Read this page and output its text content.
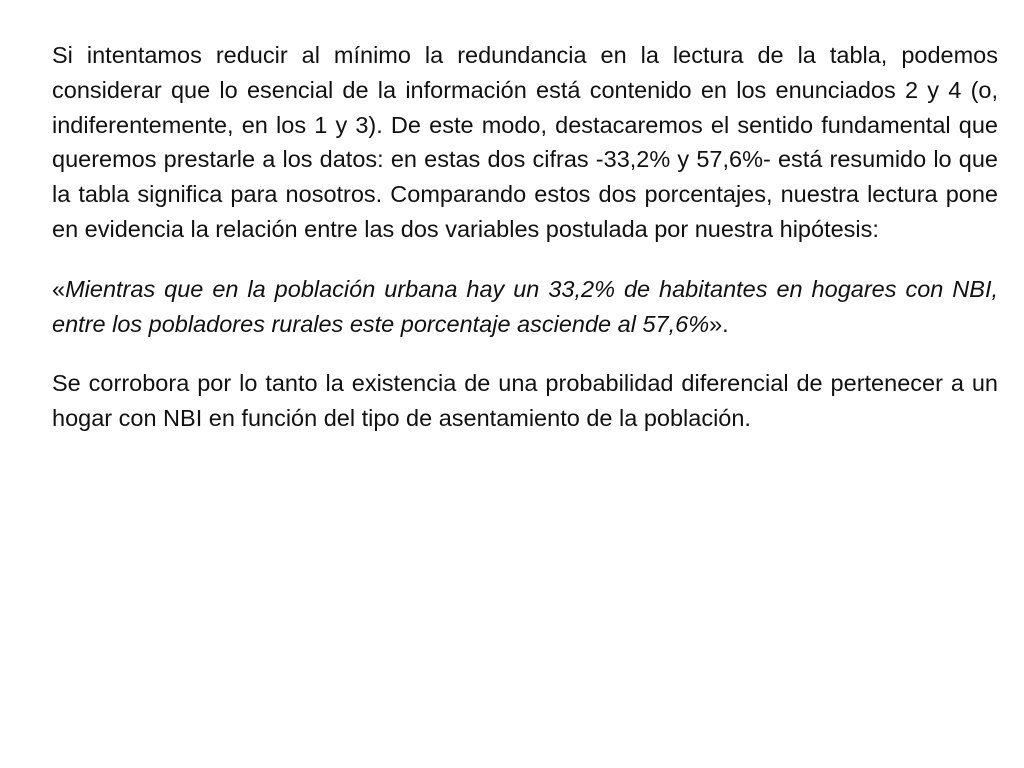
Si intentamos reducir al mínimo la redundancia en la lectura de la tabla, podemos considerar que lo esencial de la información está contenido en los enunciados 2 y 4 (o, indiferentemente, en los 1 y 3). De este modo, destacaremos el sentido fundamental que queremos prestarle a los datos: en estas dos cifras -33,2% y 57,6%- está resumido lo que la tabla significa para nosotros. Comparando estos dos porcentajes, nuestra lectura pone en evidencia la relación entre las dos variables postulada por nuestra hipótesis:

«Mientras que en la población urbana hay un 33,2% de habitantes en hogares con NBI, entre los pobladores rurales este porcentaje asciende al 57,6%».

Se corrobora por lo tanto la existencia de una probabilidad diferencial de pertenecer a un hogar con NBI en función del tipo de asentamiento de la población.
